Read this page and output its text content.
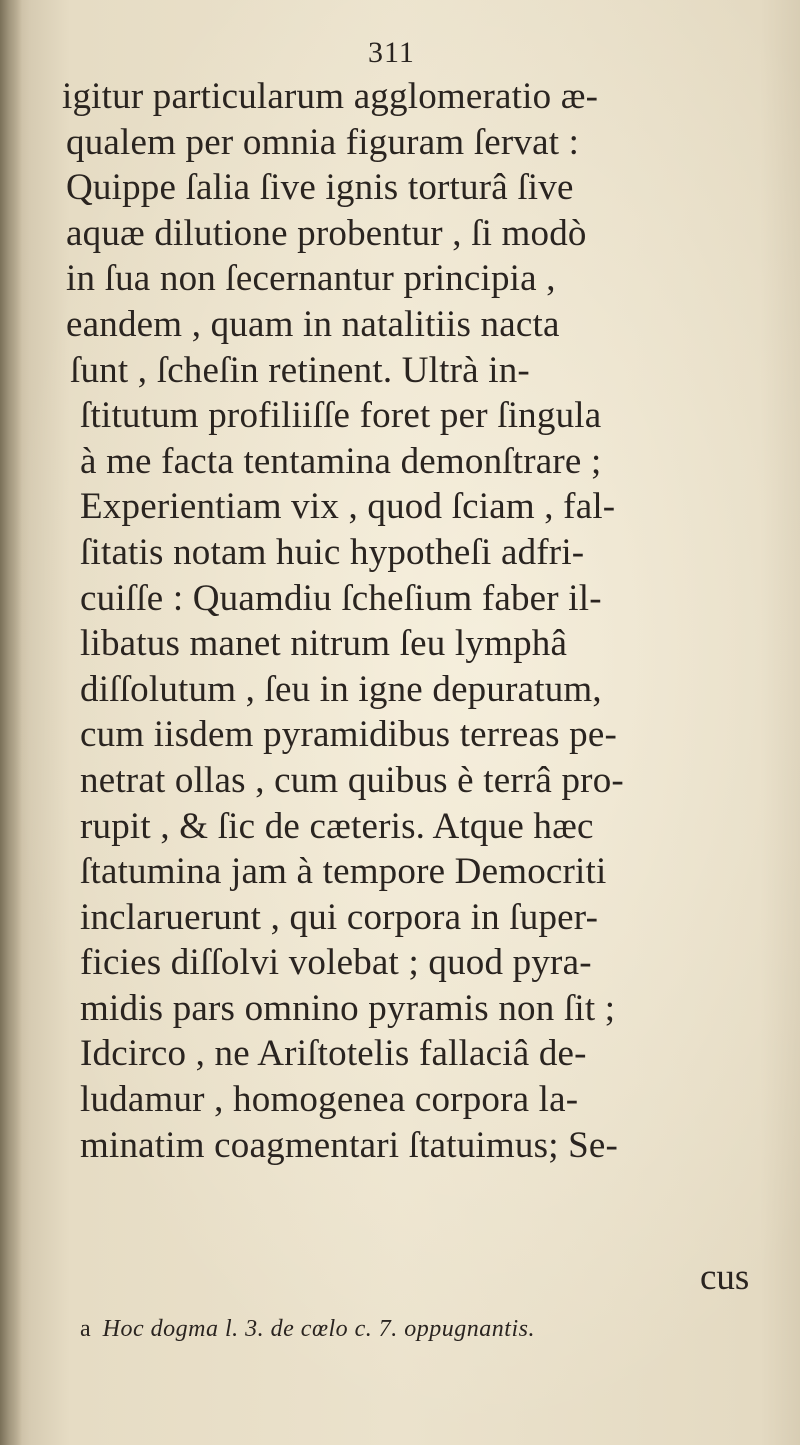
311
igitur particularum agglomeratio æ-
qualem per omnia figuram ſervat :
Quippe ſalia ſive ignis torturâ ſive
aquæ dilutione probentur , ſi modò
in ſua non ſecernantur principia ,
eandem , quam in natalitiis nacta
ſunt , ſcheſin retinent. Ultrà in-
ſtitutum profiliiſſe foret per ſingula
à me facta tentamina demonſtrare ;
Experientiam vix , quod ſciam , fal-
ſitatis notam huic hypotheſi adfri-
cuiſſe : Quamdiu ſcheſium faber il-
libatus manet nitrum ſeu lymphâ
diſſolutum , ſeu in igne depuratum,
cum iisdem pyramidibus terreas pe-
netrat ollas , cum quibus è terrâ pro-
rupit , & ſic de cæteris. Atque hæc
ſtatumina jam à tempore Democriti
inclaruerunt , qui corpora in ſuper-
ficies diſſolvi volebat ; quod pyra-
midis pars omnino pyramis non ſit ;
Idcirco , ne Ariſtotelis fallaciâ de-
ludamur , homogenea corpora la-
minatim coagmentari ſtatuimus; Se-
cus
a Hoc dogma l. 3. de cœlo c. 7. oppugnantis.
